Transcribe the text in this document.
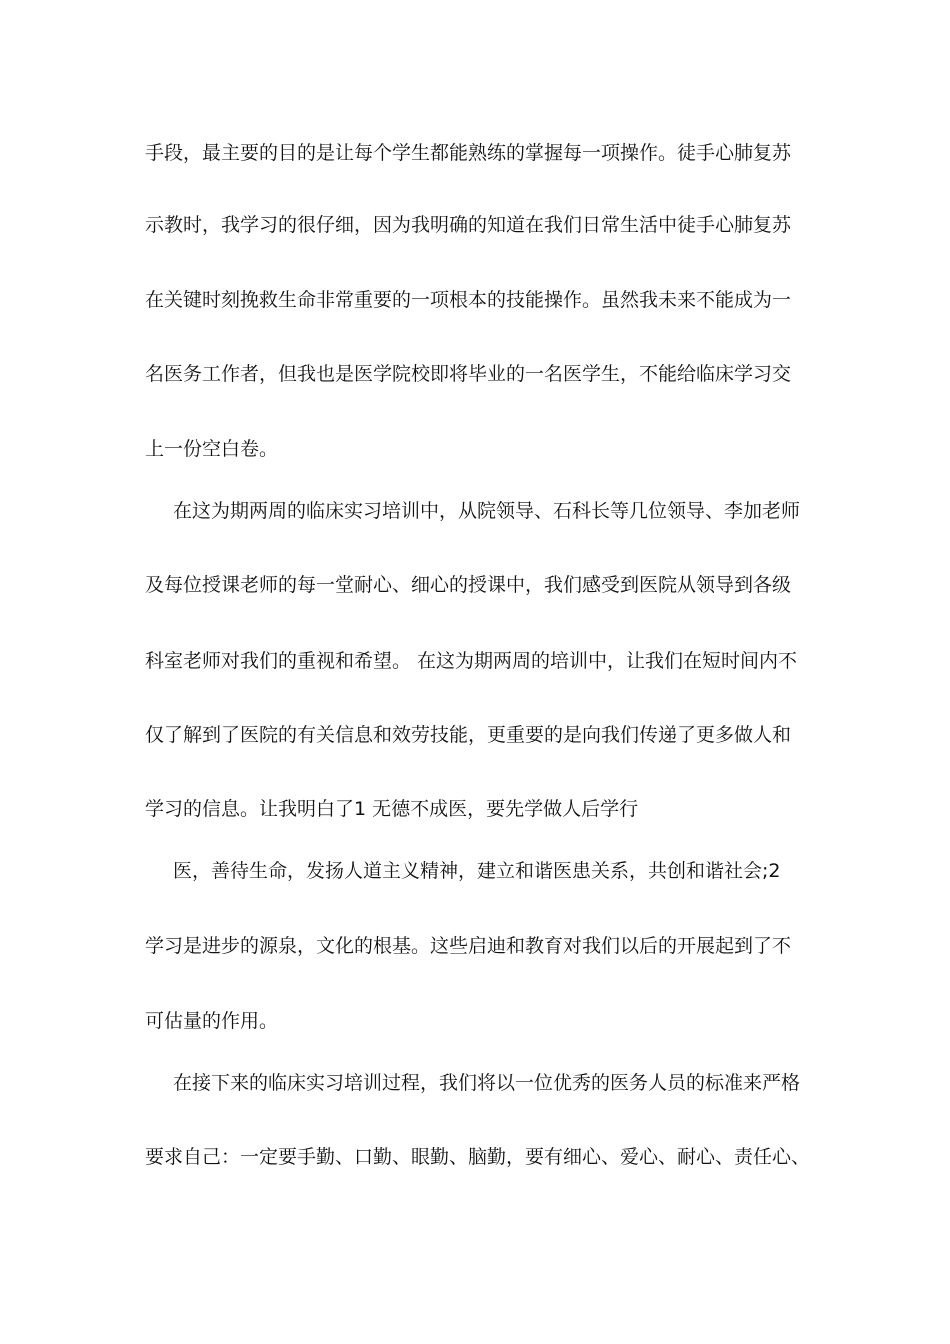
手段，最主要的目的是让每个学生都能熟练的掌握每一项操作。徒手心肺复苏
示教时，我学习的很仔细，因为我明确的知道在我们日常生活中徒手心肺复苏
在关键时刻挽救生命非常重要的一项根本的技能操作。虽然我未来不能成为一
名医务工作者，但我也是医学院校即将毕业的一名医学生，不能给临床学习交
上一份空白卷。
在这为期两周的临床实习培训中，从院领导、石科长等几位领导、李加老师
及每位授课老师的每一堂耐心、细心的授课中，我们感受到医院从领导到各级
科室老师对我们的重视和希望。 在这为期两周的培训中，让我们在短时间内不
仅了解到了医院的有关信息和效劳技能，更重要的是向我们传递了更多做人和
学习的信息。让我明白了1 无德不成医，要先学做人后学行
医，善待生命，发扬人道主义精神，建立和谐医患关系，共创和谐社会;2
学习是进步的源泉，文化的根基。这些启迪和教育对我们以后的开展起到了不
可估量的作用。
在接下来的临床实习培训过程，我们将以一位优秀的医务人员的标准来严格
要求自己：一定要手勤、口勤、眼勤、脑勤，要有细心、爱心、耐心、责任心、
